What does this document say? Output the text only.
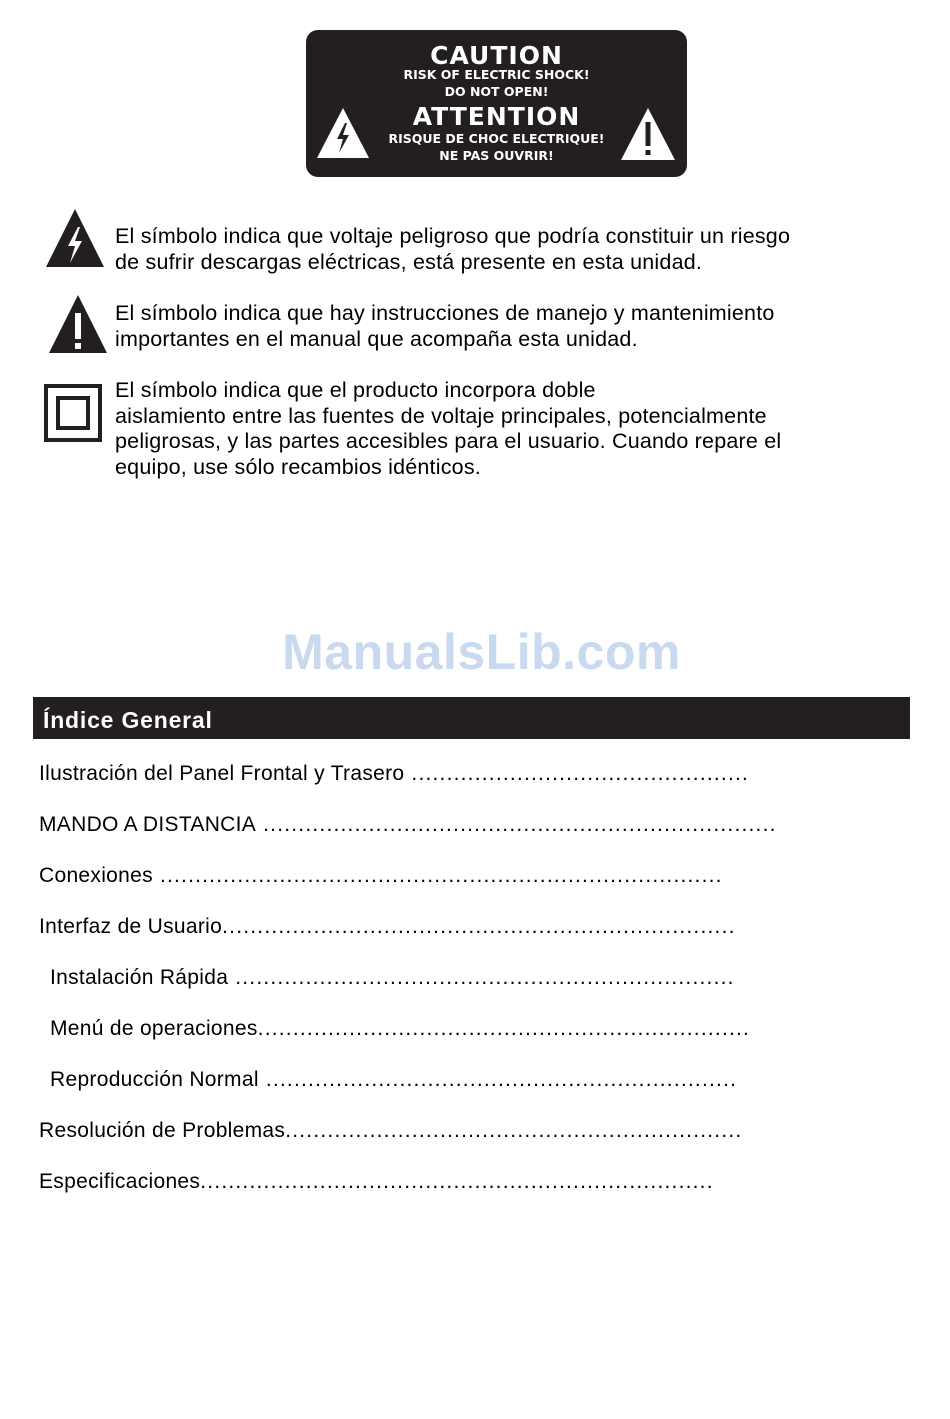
CAUTION
RISK OF ELECTRIC SHOCK!
DO NOT OPEN!
ATTENTION
RISQUE DE CHOC ELECTRIQUE!
NE PAS OUVRIR!
El símbolo indica que voltaje peligroso que podría constituir un riesgo
de sufrir descargas eléctricas, está presente en esta unidad.
El símbolo indica que hay instrucciones de manejo y mantenimiento
importantes en el manual que acompaña esta unidad.
El símbolo indica que el producto incorpora doble
aislamiento entre las fuentes de voltaje principales, potencialmente
peligrosas, y las partes accesibles para el usuario. Cuando repare el
equipo, use sólo recambios idénticos.
ManualsLib.com
Índice General
Ilustración del Panel Frontal y Trasero ................................................
MANDO A DISTANCIA .........................................................................
Conexiones ................................................................................
Interfaz de Usuario.........................................................................
Instalación Rápida .......................................................................
Menú de operaciones......................................................................
Reproducción Normal ...................................................................
Resolución de Problemas.................................................................
Especificaciones.........................................................................
